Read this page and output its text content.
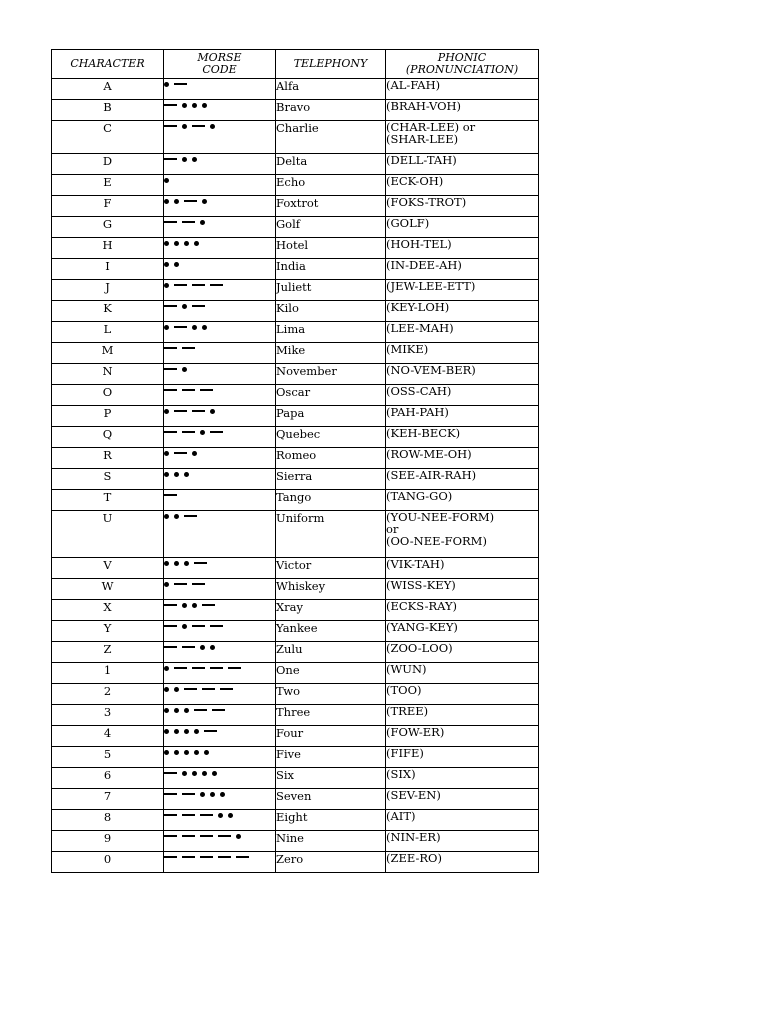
CHARACTER	MORSE
CODE	TELEPHONY	PHONIC
(PRONUNCIATION)
A		Alfa	(AL-FAH)

B		Bravo	(BRAH-VOH)

C		Charlie	(CHAR-LEE) or
(SHAR-LEE)

D		Delta	(DELL-TAH)

E		Echo	(ECK-OH)

F		Foxtrot	(FOKS-TROT)

G		Golf	(GOLF)

H		Hotel	(HOH-TEL)

I		India	(IN-DEE-AH)

J		Juliett	(JEW-LEE-ETT)

K		Kilo	(KEY-LOH)

L		Lima	(LEE-MAH)

M		Mike	(MIKE)

N		November	(NO-VEM-BER)

O		Oscar	(OSS-CAH)

P		Papa	(PAH-PAH)

Q		Quebec	(KEH-BECK)

R		Romeo	(ROW-ME-OH)

S		Sierra	(SEE-AIR-RAH)

T		Tango	(TANG-GO)

U		Uniform	(YOU-NEE-FORM)
or
(OO-NEE-FORM)

V		Victor	(VIK-TAH)

W		Whiskey	(WISS-KEY)

X		Xray	(ECKS-RAY)

Y		Yankee	(YANG-KEY)

Z		Zulu	(ZOO-LOO)

1		One	(WUN)

2		Two	(TOO)

3		Three	(TREE)

4		Four	(FOW-ER)

5		Five	(FIFE)

6		Six	(SIX)

7		Seven	(SEV-EN)

8		Eight	(AIT)

9		Nine	(NIN-ER)

0		Zero	(ZEE-RO)
